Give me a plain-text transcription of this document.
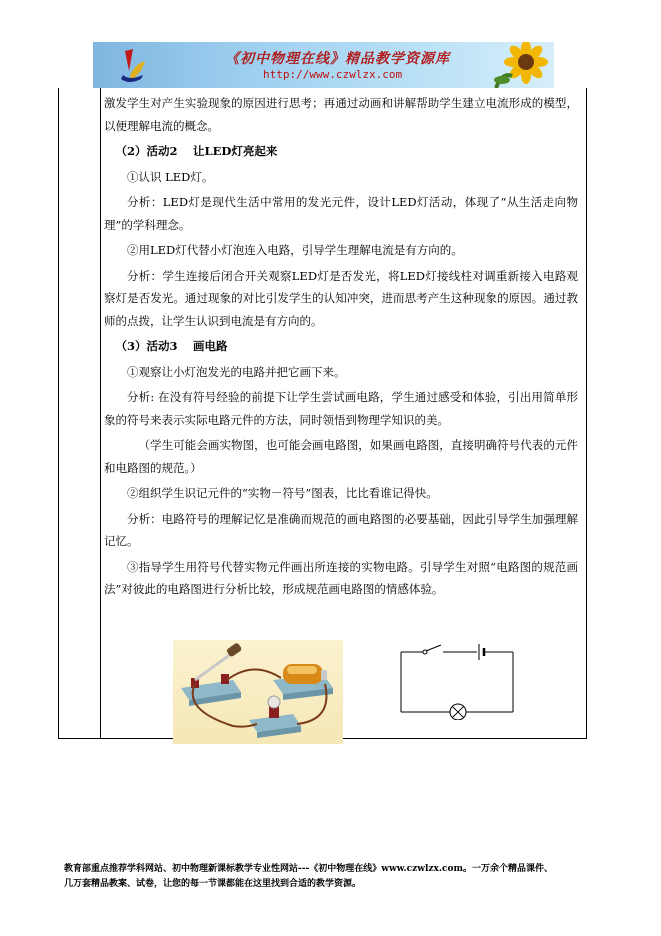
《初中物理在线》精品教学资源库
http://www.czwlzx.com

激发学生对产生实验现象的原因进行思考；再通过动画和讲解帮助学生建立电流形成的模型，以便理解电流的概念。

（2）活动2　 让LED灯亮起来

①认识 LED灯。

分析：LED灯是现代生活中常用的发光元件，设计LED灯活动，体现了“从生活走向物理”的学科理念。

②用LED灯代替小灯泡连入电路，引导学生理解电流是有方向的。

分析：学生连接后闭合开关观察LED灯是否发光，将LED灯接线柱对调重新接入电路观察灯是否发光。通过现象的对比引发学生的认知冲突，进而思考产生这种现象的原因。通过教师的点拨，让学生认识到电流是有方向的。

（3）活动3　 画电路

①观察让小灯泡发光的电路并把它画下来。

分析: 在没有符号经验的前提下让学生尝试画电路，学生通过感受和体验，引出用简单形象的符号来表示实际电路元件的方法，同时领悟到物理学知识的美。

（学生可能会画实物图，也可能会画电路图，如果画电路图，直接明确符号代表的元件和电路图的规范。）

②组织学生识记元件的“实物－符号”图表，比比看谁记得快。

分析：电路符号的理解记忆是准确而规范的画电路图的必要基础，因此引导学生加强理解记忆。

③指导学生用符号代替实物元件画出所连接的实物电路。引导学生对照“电路图的规范画法”对彼此的电路图进行分析比较，形成规范画电路图的情感体验。

教育部重点推荐学科网站、初中物理新课标教学专业性网站---《初中物理在线》www.czwlzx.com。一万余个精品课件、
几万套精品教案、试卷，让您的每一节课都能在这里找到合适的教学资源。
